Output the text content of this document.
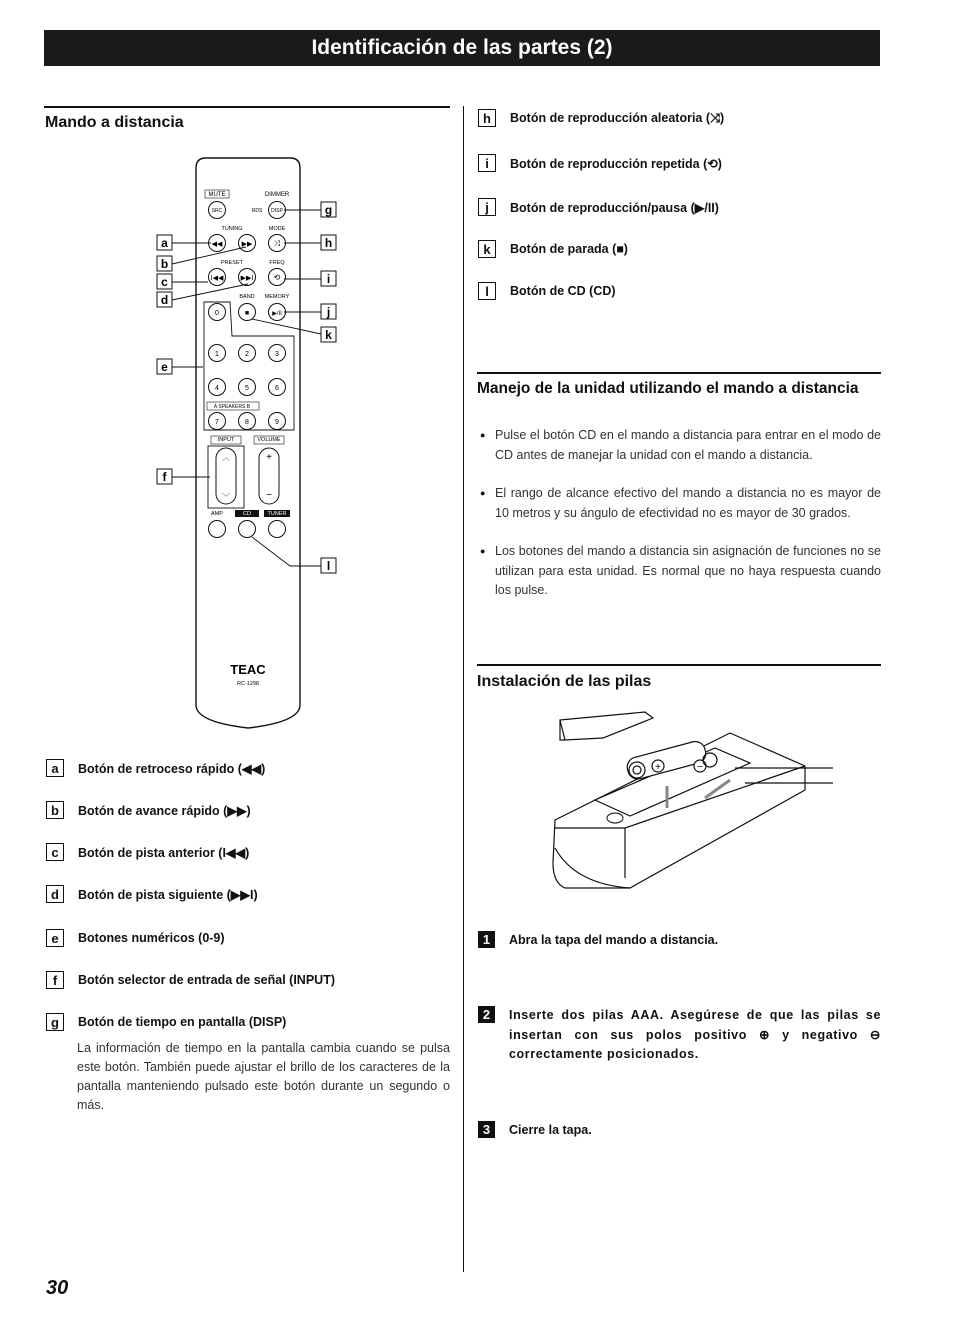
Identificación de las partes (2)
Mando a distancia
MUTE	DIMMER
SRC	RDS DISP
TUNING	MODE
◀◀	▶▶	⤨
PRESET	FREQ
I◀◀ ▶▶I	⟲
BAND MEMORY
0	■	▶/II
1	2	3
4	5	6
A SPEAKERS B
7	8	9
INPUT	VOLUME
︿
﹀
+
−
AMP	CD	TUNER
TEAC
RC-1298
a
b
c
d
e
f
g
h
i
j
k
l
a	Botón de retroceso rápido (◀◀)
b	Botón de avance rápido (▶▶)
c	Botón de pista anterior (I◀◀)
d	Botón de pista siguiente (▶▶I)
e	Botones numéricos (0-9)
f	Botón selector de entrada de señal (INPUT)
g	Botón de tiempo en pantalla (DISP)
La información de tiempo en la pantalla cambia cuando se pulsa este botón. También puede ajustar el brillo de los caracteres de la pantalla manteniendo pulsado este botón durante un segundo o más.
h	Botón de reproducción aleatoria (⤨)
i	Botón de reproducción repetida (⟲)
j	Botón de reproducción/pausa (▶/II)
k	Botón de parada (■)
l	Botón de CD (CD)
Manejo de la unidad utilizando el mando a distancia
● Pulse el botón CD en el mando a distancia para entrar en el modo de CD antes de manejar la unidad con el mando a distancia.
● El rango de alcance efectivo del mando a distancia no es mayor de 10 metros y su ángulo de efectividad no es mayor de 30 grados.
● Los botones del mando a distancia sin asignación de funciones no se utilizan para esta unidad. Es normal que no haya respuesta cuando los pulse.
Instalación de las pilas
+	−
1	Abra la tapa del mando a distancia.
2	Inserte dos pilas AAA. Asegúrese de que las pilas se insertan con sus polos positivo ⊕ y negativo ⊖ correctamente posicionados.
3	Cierre la tapa.
30
